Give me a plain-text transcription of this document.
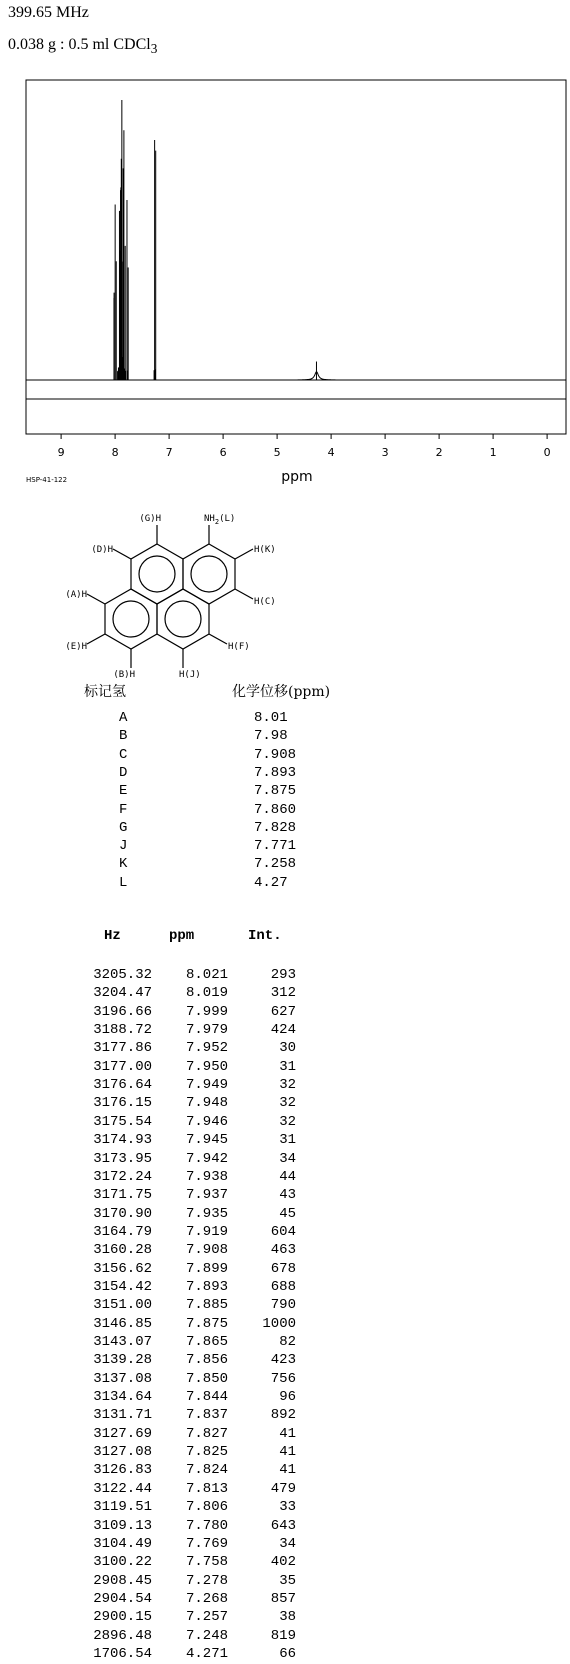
399.65 MHz
0.038 g : 0.5 ml CDCl$_3$
9	8	7	6	5	4	3	2	1	0
ppm
HSP-41-122
(G)H	$NH_2(L)$
H(K)
H(C)
(D)H
(A)H
(E)H	H(F)
(B)H	H(J)
标记氢	化学位移(ppm)
A	8.01
B	7.98
C	7.908
D	7.893
E	7.875
F	7.860
G	7.828
J	7.771
K	7.258
L	4.27
Hz	ppm	Int.
3205.32	8.021	293
3204.47	8.019	312
3196.66	7.999	627
3188.72	7.979	424
3177.86	7.952	30
3177.00	7.950	31
3176.64	7.949	32
3176.15	7.948	32
3175.54	7.946	32
3174.93	7.945	31
3173.95	7.942	34
3172.24	7.938	44
3171.75	7.937	43
3170.90	7.935	45
3164.79	7.919	604
3160.28	7.908	463
3156.62	7.899	678
3154.42	7.893	688
3151.00	7.885	790
3146.85	7.875	1000
3143.07	7.865	82
3139.28	7.856	423
3137.08	7.850	756
3134.64	7.844	96
3131.71	7.837	892
3127.69	7.827	41
3127.08	7.825	41
3126.83	7.824	41
3122.44	7.813	479
3119.51	7.806	33
3109.13	7.780	643
3104.49	7.769	34
3100.22	7.758	402
2908.45	7.278	35
2904.54	7.268	857
2900.15	7.257	38
2896.48	7.248	819
1706.54	4.271	66
